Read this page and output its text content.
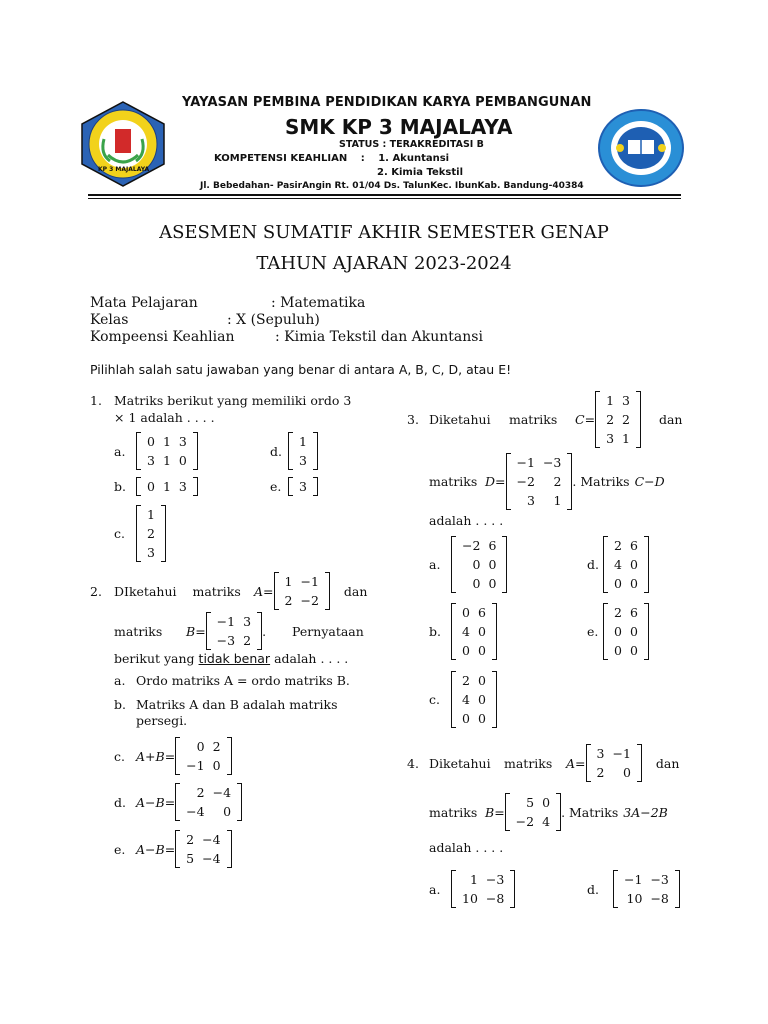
KP 3 MAJALAYA
YAYASAN PEMBINA PENDIDIKAN KARYA PEMBANGUNAN
SMK KP 3 MAJALAYA
STATUS : TERAKREDITASI B
KOMPETENSI KEAHLIAN : 1. Akuntansi
2. Kimia Tekstil
Jl. Bebedahan- PasirAngin Rt. 01/04 Ds. TalunKec. IbunKab. Bandung-40384
ASESMEN SUMATIF AKHIR SEMESTER GENAP
TAHUN AJARAN 2023-2024
Mata Pelajaran	: Matematika
Kelas	: X (Sepuluh)
Kompeensi Keahlian	: Kimia Tekstil dan Akuntansi
Pilihlah salah satu jawaban yang benar di antara A, B, C, D, atau E!
1. Matriks berikut yang memiliki ordo 3
× 1 adalah . . . .
a.
0	1	3
3	1	0
d.
1
3
b.	0	1	3	e.	3
c.
1
2
3
2. DIketahui matriks	A =
1	−1
2	−2
dan
matriks	B =
−1	3
−3	2
. Pernyataan
berikut yang
tidak benar
adalah . . . .
a. Ordo matriks A = ordo matriks B.
b. Matriks A dan B adalah matriks
persegi.
c. A+B =
0	2
−1	0
d. A−B =
2	−4
−4	0
e. A−B =
2	−4
5	−4
3. Diketahui	matriks	C =
1	3
2	2
3	1
dan
matriks D =
−1	−3
−2	2
3	1
. Matriks C−D
adalah . . . .
a.
−2	6
0	0
0	0
d.
2	6
4	0
0	0
b.
0	6
4	0
0	0
e.
2	6
0	0
0	0
c.
2	0
4	0
0	0
4. Diketahui	matriks	A =
3	−1
2	0
dan
matriks B =
5	0
−2	4
. Matriks 3A−2B
adalah . . . .
a.
1	−3
10	−8
d.
−1	−3
10	−8
